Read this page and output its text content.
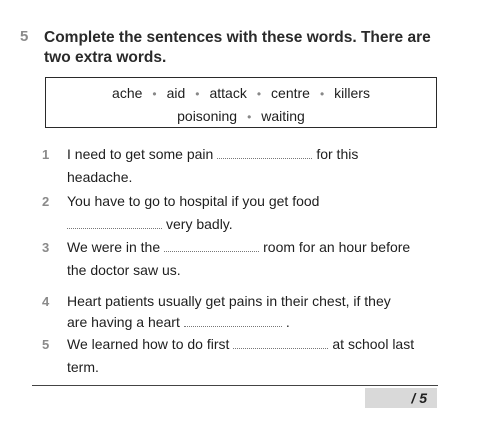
5 Complete the sentences with these words. There are two extra words.
ache • aid • attack • centre • killers
poisoning • waiting
1 I need to get some pain	for this
headache.
2 You have to go to hospital if you get food
very badly.
3 We were in the	room for an hour before
the doctor saw us.
4 Heart patients usually get pains in their chest, if they
are having a heart	.
5 We learned how to do first	at school last
term.
/ 5
